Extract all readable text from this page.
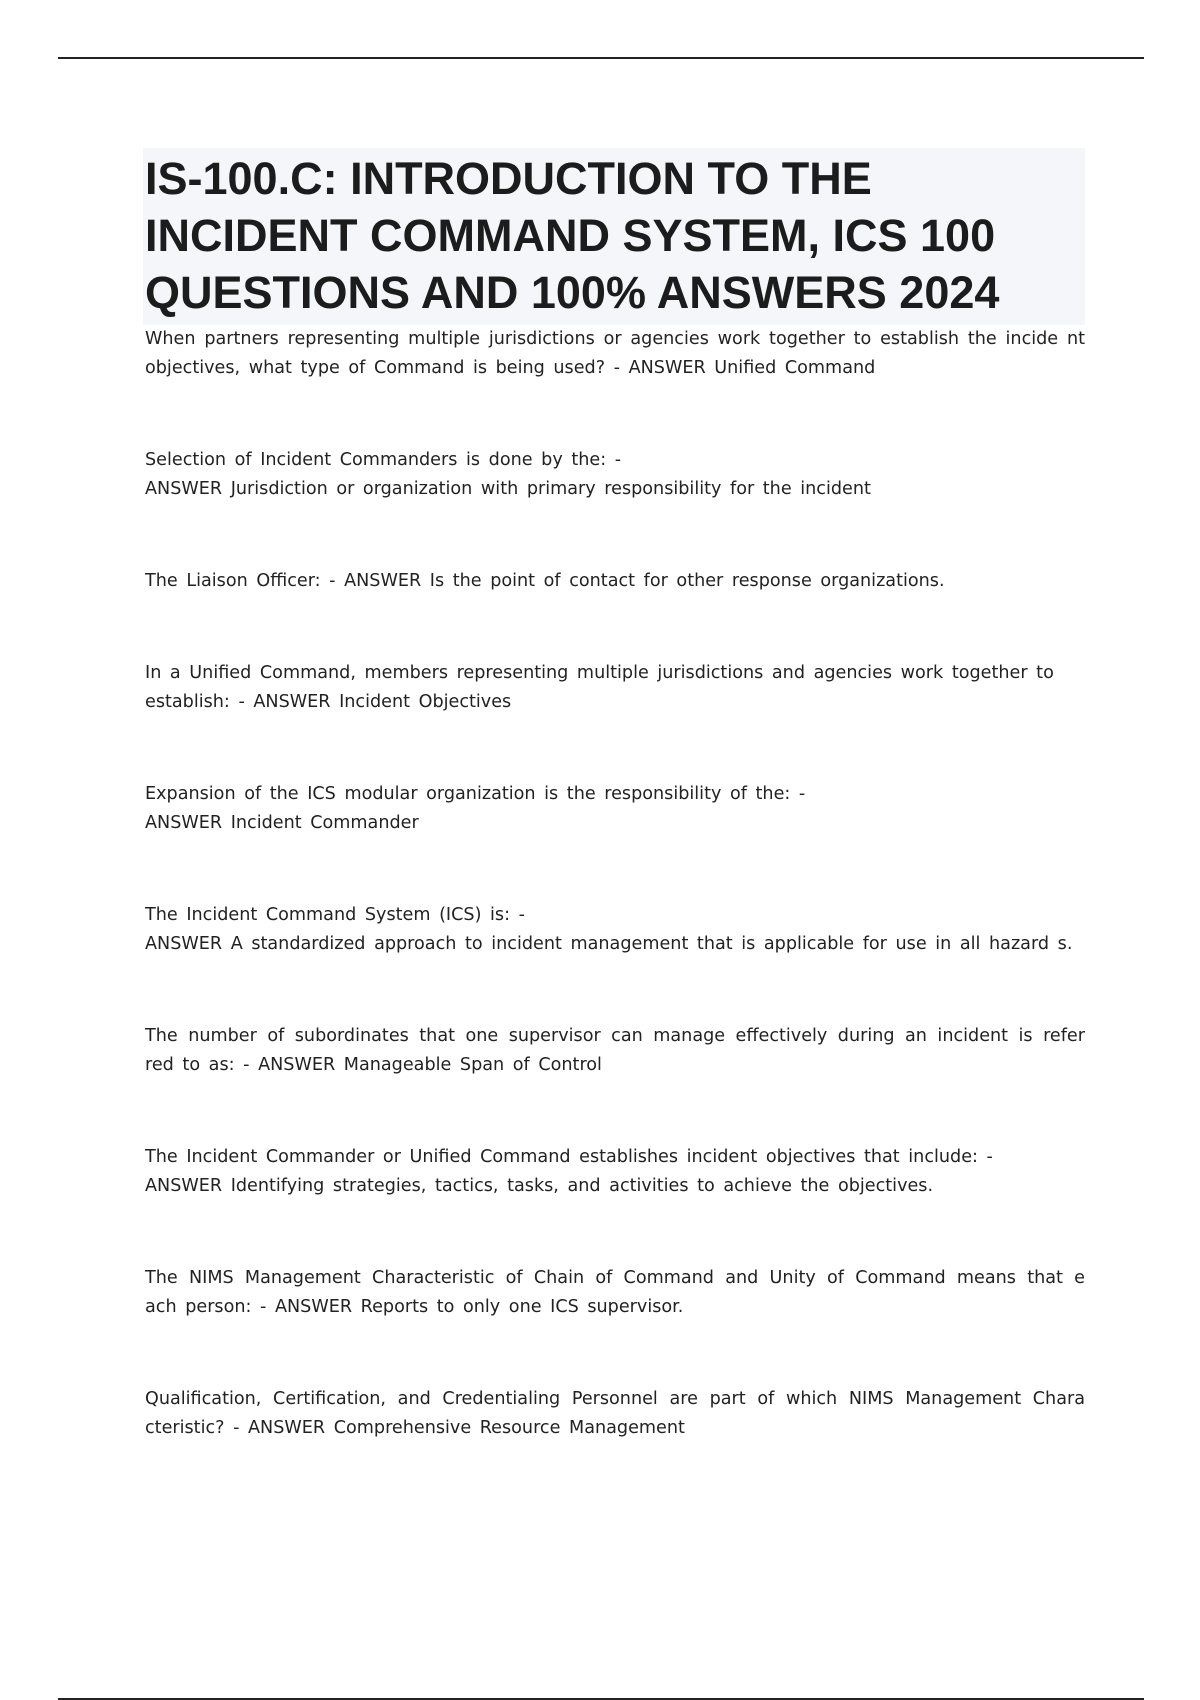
IS-100.C: INTRODUCTION TO THE INCIDENT COMMAND SYSTEM, ICS 100 QUESTIONS AND 100% ANSWERS 2024
When partners representing multiple jurisdictions or agencies work together to establish the incide nt objectives, what type of Command is being used? - ANSWER Unified Command
Selection of Incident Commanders is done by the: -
ANSWER Jurisdiction or organization with primary responsibility for the incident
The Liaison Officer: - ANSWER Is the point of contact for other response organizations.
In a Unified Command, members representing multiple jurisdictions and agencies work together to
establish: - ANSWER Incident Objectives
Expansion of the ICS modular organization is the responsibility of the: -
ANSWER Incident Commander
The Incident Command System (ICS) is: -
ANSWER A standardized approach to incident management that is applicable for use in all hazard s.
The number of subordinates that one supervisor can manage effectively during an incident is refer red to as: - ANSWER Manageable Span of Control
The Incident Commander or Unified Command establishes incident objectives that include: -
ANSWER Identifying strategies, tactics, tasks, and activities to achieve the objectives.
The NIMS Management Characteristic of Chain of Command and Unity of Command means that e ach person: - ANSWER Reports to only one ICS supervisor.
Qualification, Certification, and Credentialing Personnel are part of which NIMS Management Chara cteristic? - ANSWER Comprehensive Resource Management
